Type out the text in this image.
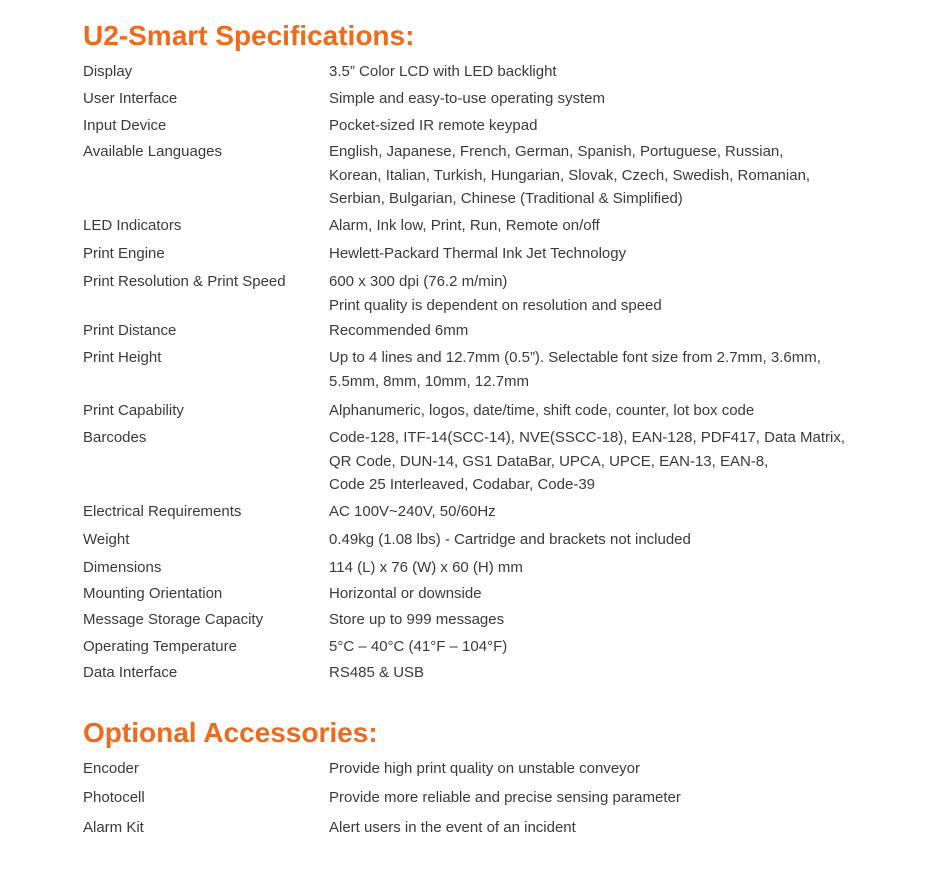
U2-Smart Specifications:
Display	3.5” Color LCD with LED backlight
User Interface	Simple and easy-to-use operating system
Input Device	Pocket-sized IR remote keypad
Available Languages	English, Japanese, French, German, Spanish, Portuguese, Russian,
Korean, Italian, Turkish, Hungarian, Slovak, Czech, Swedish, Romanian,
Serbian, Bulgarian, Chinese (Traditional & Simplified)
LED Indicators	Alarm, Ink low, Print, Run, Remote on/off
Print Engine	Hewlett-Packard Thermal Ink Jet Technology
Print Resolution & Print Speed	600 x 300 dpi (76.2 m/min)
Print quality is dependent on resolution and speed
Print Distance	Recommended 6mm
Print Height	Up to 4 lines and 12.7mm (0.5”). Selectable font size from 2.7mm, 3.6mm,
5.5mm, 8mm, 10mm, 12.7mm
Print Capability	Alphanumeric, logos, date/time, shift code, counter, lot box code
Barcodes	Code-128, ITF-14(SCC-14), NVE(SSCC-18), EAN-128, PDF417, Data Matrix,
QR Code, DUN-14, GS1 DataBar, UPCA, UPCE, EAN-13, EAN-8,
Code 25 Interleaved, Codabar, Code-39
Electrical Requirements	AC 100V~240V, 50/60Hz
Weight	0.49kg (1.08 lbs) - Cartridge and brackets not included
Dimensions	114 (L) x 76 (W) x 60 (H) mm
Mounting Orientation	Horizontal or downside
Message Storage Capacity	Store up to 999 messages
Operating Temperature	5°C – 40°C (41°F – 104°F)
Data Interface	RS485 & USB
Optional Accessories:
Encoder	Provide high print quality on unstable conveyor
Photocell	Provide more reliable and precise sensing parameter
Alarm Kit	Alert users in the event of an incident
